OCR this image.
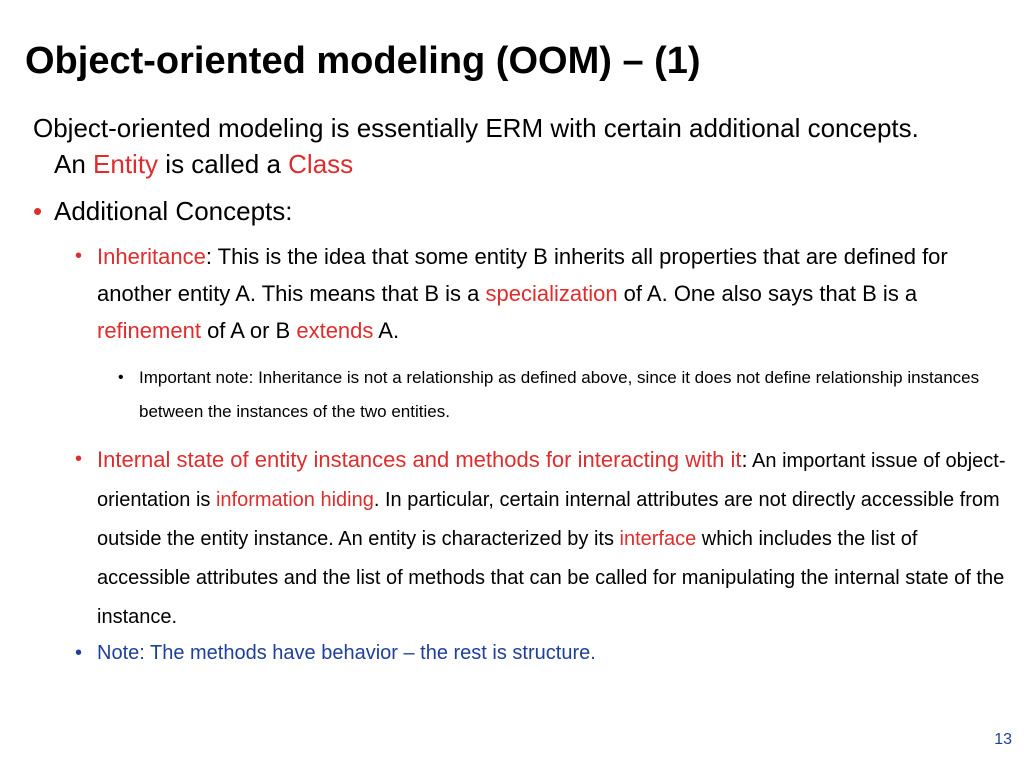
Object-oriented modeling (OOM) – (1)
Object-oriented modeling is essentially ERM with certain additional concepts.
An Entity is called a Class
• Additional Concepts:
• Inheritance: This is the idea that some entity B inherits all properties that are defined for another entity A. This means that B is a specialization of A. One also says that B is a refinement of A or B extends A.
• Important note: Inheritance is not a relationship as defined above, since it does not define relationship instances between the instances of the two entities.
• Internal state of entity instances and methods for interacting with it: An important issue of object-orientation is information hiding. In particular, certain internal attributes are not directly accessible from outside the entity instance. An entity is characterized by its interface which includes the list of accessible attributes and the list of methods that can be called for manipulating the internal state of the instance.
• Note: The methods have behavior – the rest is structure.
13
